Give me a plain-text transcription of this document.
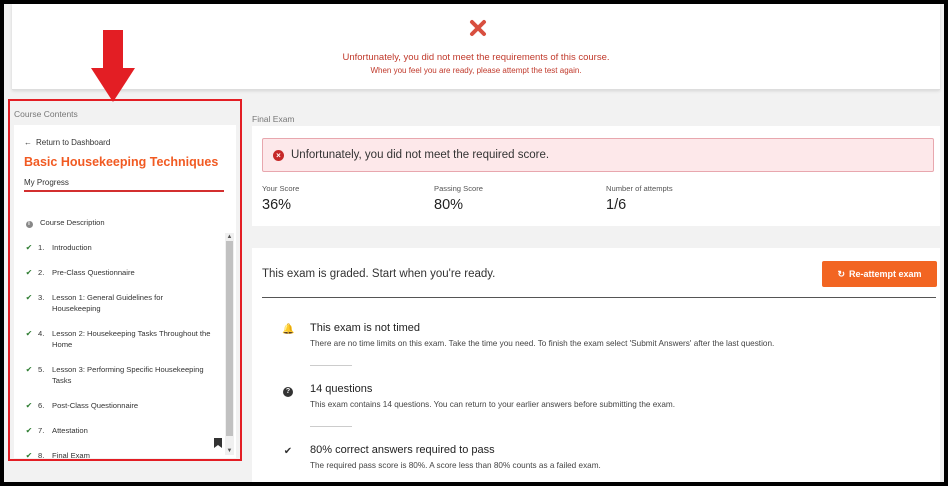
Unfortunately, you did not meet the requirements of this course.
When you feel you are ready, please attempt the test again.
Course Contents
← Return to Dashboard
Basic Housekeeping Techniques
My Progress
i	Course Description
✔ 1. Introduction
✔ 2. Pre-Class Questionnaire
✔ 3. Lesson 1: General Guidelines for Housekeeping
✔ 4. Lesson 2: Housekeeping Tasks Throughout the Home
✔ 5. Lesson 3: Performing Specific Housekeeping Tasks
✔ 6. Post-Class Questionnaire
✔ 7. Attestation
✔ 8. Final Exam
▲
▼
Final Exam
× Unfortunately, you did not meet the required score.
Your Score
36%
Passing Score
80%
Number of attempts
1/6
This exam is graded. Start when you're ready.	↻ Re-attempt exam
🔔 This exam is not timed
There are no time limits on this exam. Take the time you need. To finish the exam select 'Submit Answers' after the last question.
?	14 questions
This exam contains 14 questions. You can return to your earlier answers before submitting the exam.
✔ 80% correct answers required to pass
The required pass score is 80%. A score less than 80% counts as a failed exam.
